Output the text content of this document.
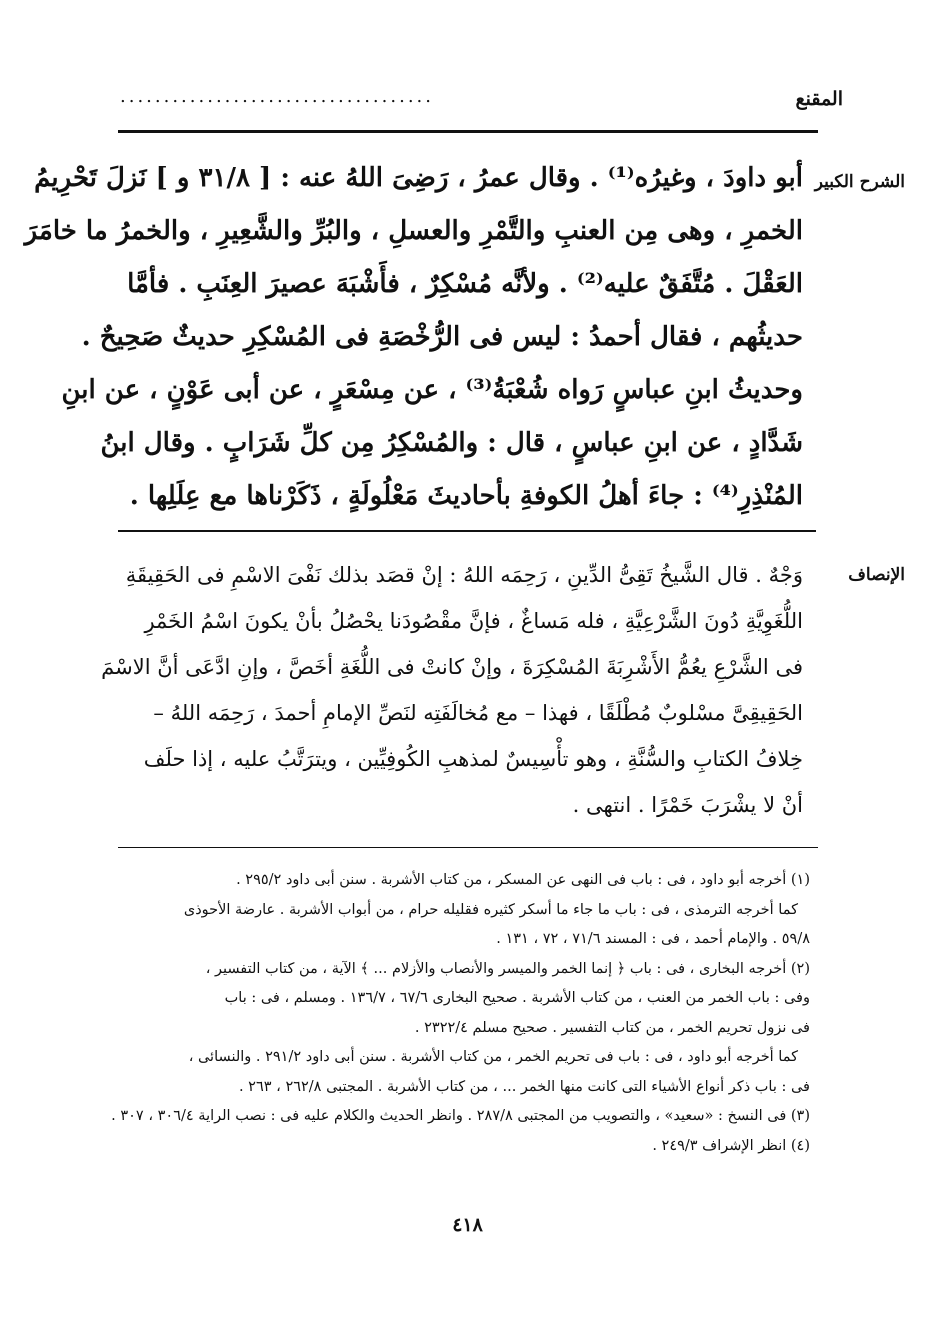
المقنع
....................................
الشرح الكبير
أبو داودَ ، وغيرُه⁽¹⁾ . وقال عمرُ ، رَضِىَ اللهُ عنه : [ ٣١/٨ و ] نَزلَ تَحْرِيمُ
الخمرِ ، وهى مِن العنبِ والتَّمْرِ والعسلِ ، والبُرِّ والشَّعِيرِ ، والخمرُ ما خامَرَ
العَقْلَ . مُتَّفَقٌ عليه⁽²⁾ . ولأنَّه مُسْكِرٌ ، فأَشْبَهَ عصيرَ العِنَبِ . فأمَّا
حديثُهم ، فقال أحمدُ : ليس فى الرُّخْصَةِ فى المُسْكِرِ حديثٌ صَحِيحٌ .
وحديثُ ابنِ عباسٍ رَواه شُعْبَةُ⁽³⁾ ، عن مِسْعَرٍ ، عن أبى عَوْنٍ ، عن ابنِ
شَدَّادٍ ، عن ابنِ عباسٍ ، قال : والمُسْكِرُ مِن كلِّ شَرَابٍ . وقال ابنُ
المُنْذِرِ⁽⁴⁾ : جاءَ أهلُ الكوفةِ بأحاديثَ مَعْلُولَةٍ ، ذَكَرْناها مع عِلَلِها .
الإنصاف
وَجْهٌ . قال الشَّيخُ تَقِىُّ الدِّينِ ، رَحِمَه اللهُ : إنْ قصَد بذلك نَفْىَ الاسْمِ فى الحَقِيقَةِ
اللُّغَوِيَّةِ دُونَ الشَّرْعِيَّةِ ، فله مَساغٌ ، فإنَّ مقْصُودَنا يحْصُلُ بأنْ يكونَ اسْمُ الخَمْرِ
فى الشَّرْعِ يعُمُّ الأَشْرِبَةَ المُسْكِرَةَ ، وإنْ كانتْ فى اللُّغَةِ أخَصَّ ، وإنِ ادَّعَى أنَّ الاسْمَ
الحَقِيقِىَّ مسْلوبٌ مُطْلَقًا ، فهذا – مع مُخالَفَتِه لنَصِّ الإمامِ أحمدَ ، رَحِمَه اللهُ –
خِلافُ الكتابِ والسُّنَّةِ ، وهو تأْسِيسٌ لمذهبِ الكُوفِيِّين ، ويترَتَّبُ عليه ، إذا حلَف
أنْ لا يشْرَبَ خَمْرًا . انتهى .
(١) أخرجه أبو داود ، فى : باب فى النهى عن المسكر ، من كتاب الأشربة . سنن أبى داود ٢٩٥/٢ .
كما أخرجه الترمذى ، فى : باب ما جاء ما أسكر كثيره فقليله حرام ، من أبواب الأشربة . عارضة الأحوذى
٥٩/٨ . والإمام أحمد ، فى : المسند ٧١/٦ ، ٧٢ ، ١٣١ .
(٢) أخرجه البخارى ، فى : باب ﴿ إنما الخمر والميسر والأنصاب والأزلام ... ﴾ الآية ، من كتاب التفسير ،
وفى : باب الخمر من العنب ، من كتاب الأشربة . صحيح البخارى ٦٧/٦ ، ١٣٦/٧ . ومسلم ، فى : باب
فى نزول تحريم الخمر ، من كتاب التفسير . صحيح مسلم ٢٣٢٢/٤ .
كما أخرجه أبو داود ، فى : باب فى تحريم الخمر ، من كتاب الأشربة . سنن أبى داود ٢٩١/٢ . والنسائى ،
فى : باب ذكر أنواع الأشياء التى كانت منها الخمر ... ، من كتاب الأشربة . المجتبى ٢٦٢/٨ ، ٢٦٣ .
(٣) فى النسخ : «سعيد» ، والتصويب من المجتبى ٢٨٧/٨ . وانظر الحديث والكلام عليه فى : نصب الراية ٣٠٦/٤ ، ٣٠٧ .
(٤) انظر الإشراف ٢٤٩/٣ .
٤١٨
